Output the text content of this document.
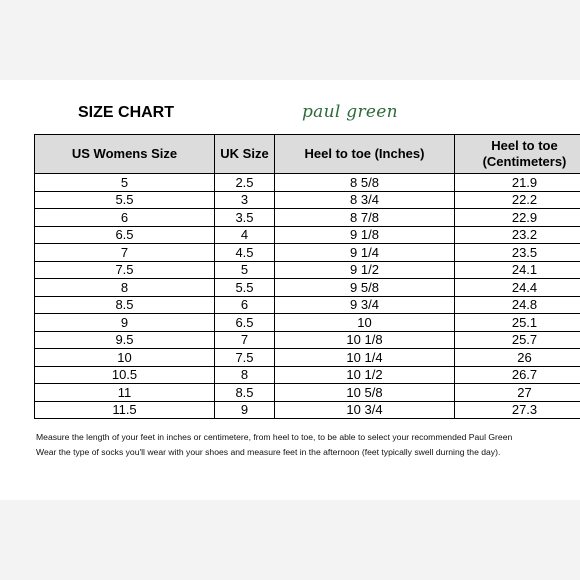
SIZE CHART	paul green
US Womens Size	UK Size	Heel to toe (Inches)	Heel to toe (Centimeters)
5	2.5	8 5/8	21.9
5.5	3	8 3/4	22.2
6	3.5	8 7/8	22.9
6.5	4	9 1/8	23.2
7	4.5	9 1/4	23.5
7.5	5	9 1/2	24.1
8	5.5	9 5/8	24.4
8.5	6	9 3/4	24.8
9	6.5	10	25.1
9.5	7	10 1/8	25.7
10	7.5	10 1/4	26
10.5	8	10 1/2	26.7
11	8.5	10 5/8	27
11.5	9	10 3/4	27.3
Measure the length of your feet in inches or centimetere, from heel to toe, to be able to select your recommended Paul Green
Wear the type of socks you'll wear with your shoes and measure feet in the afternoon (feet typically swell durning the day).
